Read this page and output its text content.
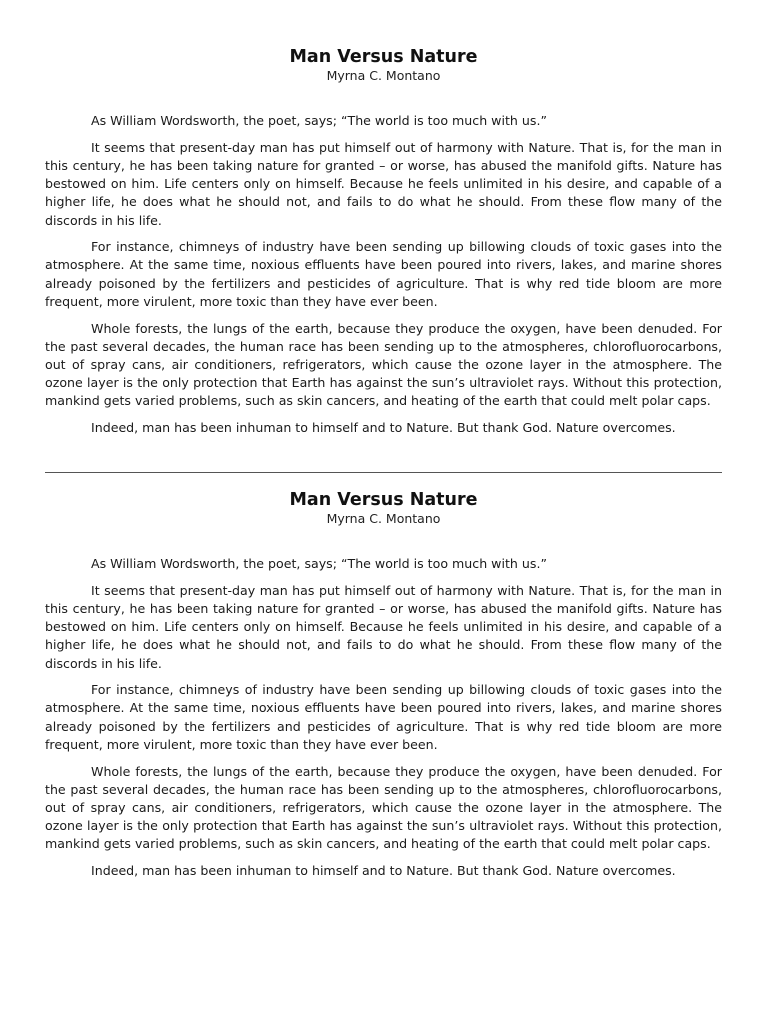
Man Versus Nature

Myrna C. Montano

As William Wordsworth, the poet, says; “The world is too much with us.”

It seems that present-day man has put himself out of harmony with Nature. That is, for the man in this century, he has been taking nature for granted – or worse, has abused the manifold gifts. Nature has bestowed on him. Life centers only on himself. Because he feels unlimited in his desire, and capable of a higher life, he does what he should not, and fails to do what he should. From these flow many of the discords in his life.

For instance, chimneys of industry have been sending up billowing clouds of toxic gases into the atmosphere. At the same time, noxious effluents have been poured into rivers, lakes, and marine shores already poisoned by the fertilizers and pesticides of agriculture. That is why red tide bloom are more frequent, more virulent, more toxic than they have ever been.

Whole forests, the lungs of the earth, because they produce the oxygen, have been denuded. For the past several decades, the human race has been sending up to the atmospheres, chlorofluorocarbons, out of spray cans, air conditioners, refrigerators, which cause the ozone layer in the atmosphere. The ozone layer is the only protection that Earth has against the sun’s ultraviolet rays. Without this protection, mankind gets varied problems, such as skin cancers, and heating of the earth that could melt polar caps.

Indeed, man has been inhuman to himself and to Nature. But thank God. Nature overcomes.

Man Versus Nature

Myrna C. Montano

As William Wordsworth, the poet, says; “The world is too much with us.”

It seems that present-day man has put himself out of harmony with Nature. That is, for the man in this century, he has been taking nature for granted – or worse, has abused the manifold gifts. Nature has bestowed on him. Life centers only on himself. Because he feels unlimited in his desire, and capable of a higher life, he does what he should not, and fails to do what he should. From these flow many of the discords in his life.

For instance, chimneys of industry have been sending up billowing clouds of toxic gases into the atmosphere. At the same time, noxious effluents have been poured into rivers, lakes, and marine shores already poisoned by the fertilizers and pesticides of agriculture. That is why red tide bloom are more frequent, more virulent, more toxic than they have ever been.

Whole forests, the lungs of the earth, because they produce the oxygen, have been denuded. For the past several decades, the human race has been sending up to the atmospheres, chlorofluorocarbons, out of spray cans, air conditioners, refrigerators, which cause the ozone layer in the atmosphere. The ozone layer is the only protection that Earth has against the sun’s ultraviolet rays. Without this protection, mankind gets varied problems, such as skin cancers, and heating of the earth that could melt polar caps.

Indeed, man has been inhuman to himself and to Nature. But thank God. Nature overcomes.
